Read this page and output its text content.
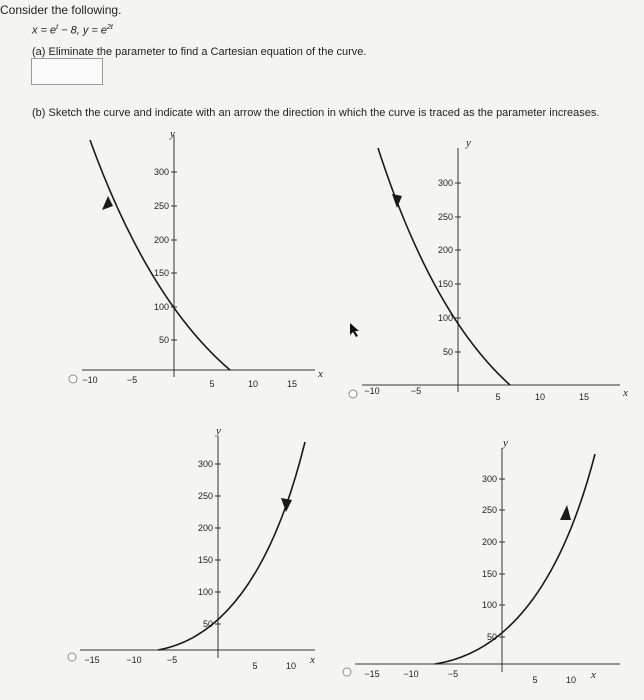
Consider the following.
$x = e^t - 8$, $y = e^{2t}$
(a) Eliminate the parameter to find a Cartesian equation of the curve.
(b) Sketch the curve and indicate with an arrow the direction in which the curve is traced as the parameter increases.
y
x
300
250
200
150
100
50
−10	−5	5	10	15
y
x
300
250
200
150
100
50
−10	−5
5	10	15
y
x
300
250
200
150
100
50
−15	−10	−5
5	10
y
x
300
250
200
150
100
50
−15	−10	−5
5	10
